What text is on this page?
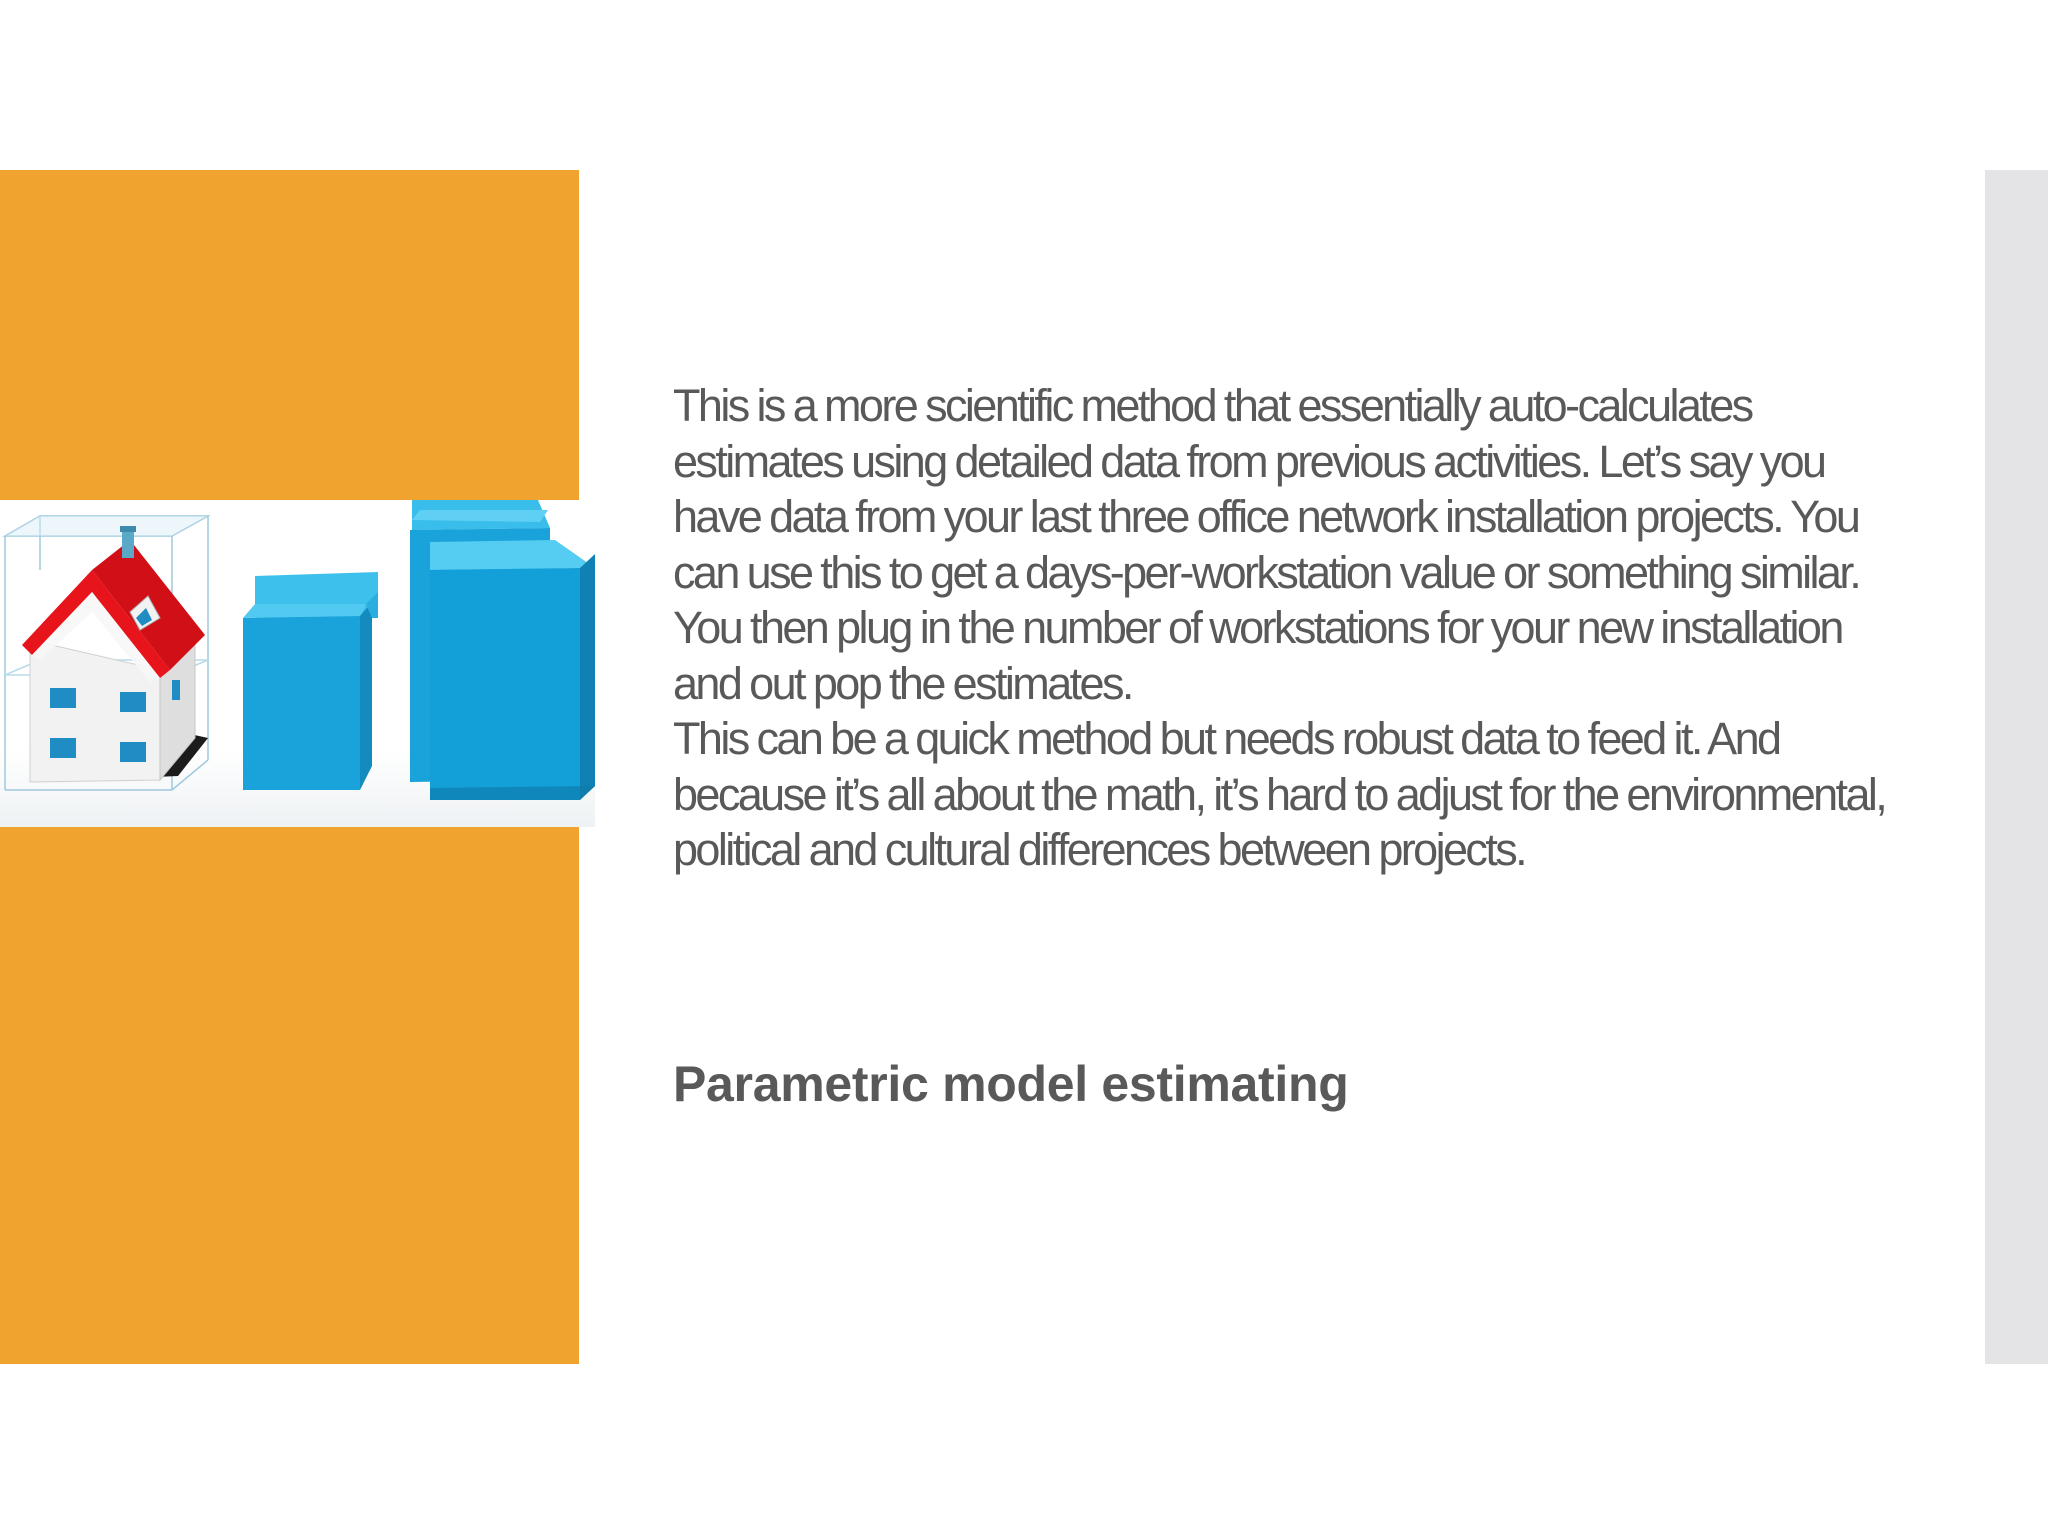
This is a more scientific method that essentially auto-calculates estimates using detailed data from previous activities. Let’s say you have data from your last three office network installation projects. You can use this to get a days-per-workstation value or something similar. You then plug in the number of workstations for your new installation and out pop the estimates.

This can be a quick method but needs robust data to feed it. And because it’s all about the math, it’s hard to adjust for the environmental, political and cultural differences between projects.

Parametric model estimating
